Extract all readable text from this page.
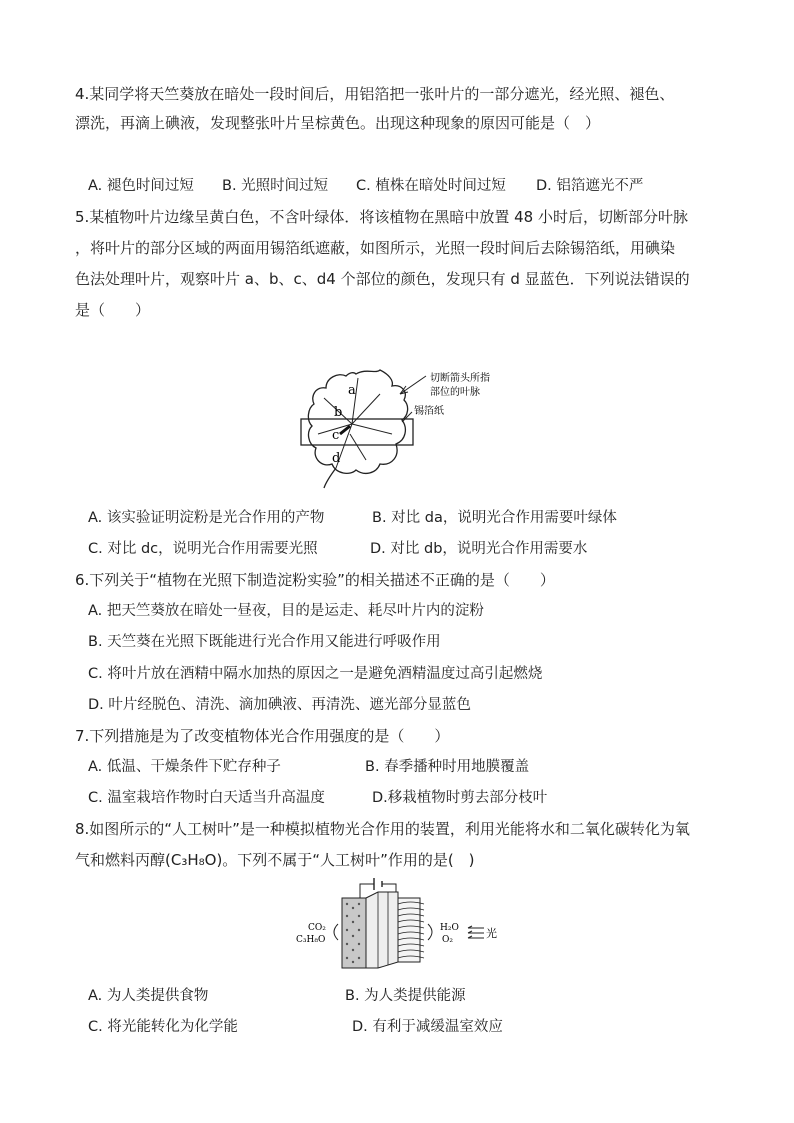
4.某同学将天竺葵放在暗处一段时间后，用铝箔把一张叶片的一部分遮光，经光照、褪色、
漂洗，再滴上碘液，发现整张叶片呈棕黄色。出现这种现象的原因可能是（　）
A. 褪色时间过短 B. 光照时间过短 C. 植株在暗处时间过短 D. 铝箔遮光不严
5.某植物叶片边缘呈黄白色，不含叶绿体．将该植物在黑暗中放置 48 小时后，切断部分叶脉
，将叶片的部分区域的两面用锡箔纸遮蔽，如图所示，光照一段时间后去除锡箔纸，用碘染
色法处理叶片，观察叶片 a、b、c、d4 个部位的颜色，发现只有 d 显蓝色．下列说法错误的
是（　　）
a
b
c
d
切断箭头所指
部位的叶脉
锡箔纸
A. 该实验证明淀粉是光合作用的产物	B. 对比 da，说明光合作用需要叶绿体
C. 对比 dc，说明光合作用需要光照	D. 对比 db，说明光合作用需要水
6.下列关于“植物在光照下制造淀粉实验”的相关描述不正确的是（　　）
A. 把天竺葵放在暗处一昼夜，目的是运走、耗尽叶片内的淀粉
B. 天竺葵在光照下既能进行光合作用又能进行呼吸作用
C. 将叶片放在酒精中隔水加热的原因之一是避免酒精温度过高引起燃烧
D. 叶片经脱色、清洗、滴加碘液、再清洗、遮光部分显蓝色
7.下列措施是为了改变植物体光合作用强度的是（　　）
A. 低温、干燥条件下贮存种子	B. 春季播种时用地膜覆盖
C. 温室栽培作物时白天适当升高温度	D.移栽植物时剪去部分枝叶
8.如图所示的“人工树叶”是一种模拟植物光合作用的装置，利用光能将水和二氧化碳转化为氧
气和燃料丙醇(C₃H₈O)。下列不属于“人工树叶”作用的是(　)
CO₂
C₃H₈O
H₂O
O₂	光
A. 为人类提供食物	B. 为人类提供能源
C. 将光能转化为化学能	D. 有利于减缓温室效应
